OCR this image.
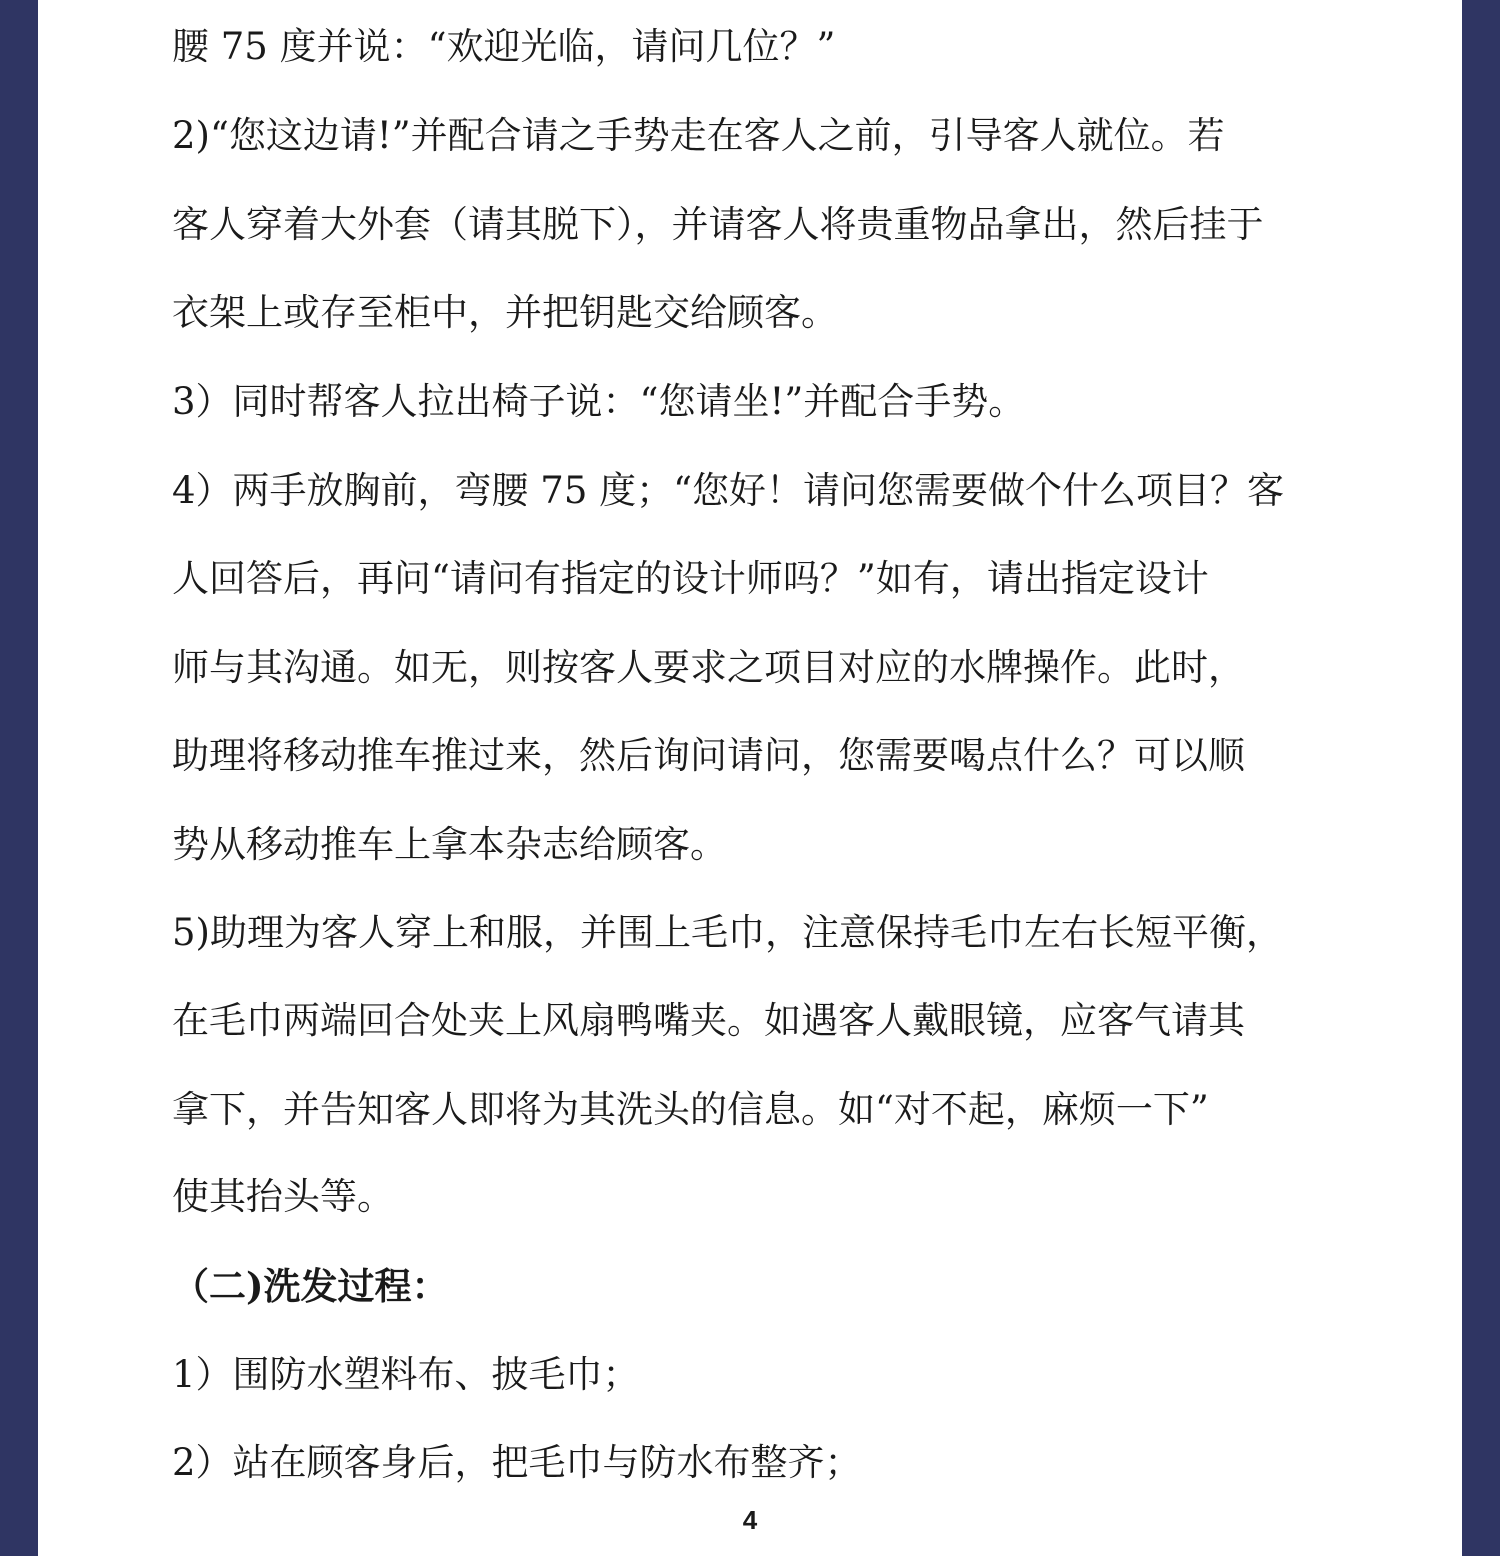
腰 75 度并说：“欢迎光临，请问几位？”
2)“您这边请!”并配合请之手势走在客人之前，引导客人就位。若
客人穿着大外套（请其脱下），并请客人将贵重物品拿出，然后挂于
衣架上或存至柜中，并把钥匙交给顾客。
3）同时帮客人拉出椅子说：“您请坐!”并配合手势。
4）两手放胸前，弯腰 75 度；“您好！请问您需要做个什么项目？客
人回答后，再问“请问有指定的设计师吗？”如有，请出指定设计
师与其沟通。如无，则按客人要求之项目对应的水牌操作。此时，
助理将移动推车推过来，然后询问请问，您需要喝点什么？可以顺
势从移动推车上拿本杂志给顾客。
5)助理为客人穿上和服，并围上毛巾，注意保持毛巾左右长短平衡，
在毛巾两端回合处夹上风扇鸭嘴夹。如遇客人戴眼镜，应客气请其
拿下，并告知客人即将为其洗头的信息。如“对不起，麻烦一下”
使其抬头等。
（二)洗发过程：
1）围防水塑料布、披毛巾；
2）站在顾客身后，把毛巾与防水布整齐；
4
